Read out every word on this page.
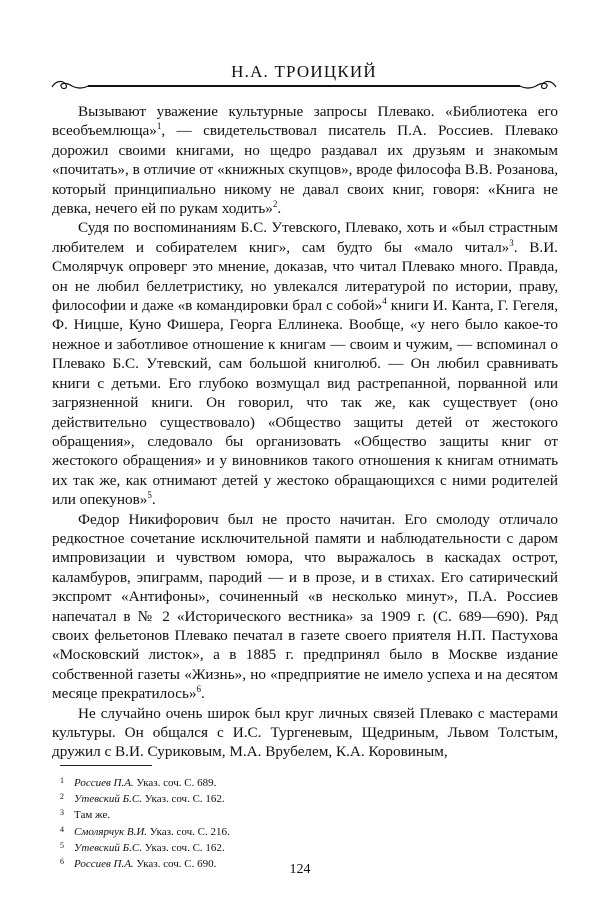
Н.А. ТРОИЦКИЙ

Вызывают уважение культурные запросы Плевако. «Библиотека его всеобъемлюща»$^1$, — свидетельствовал писатель П.А. Россиев. Плевако дорожил своими книгами, но щедро раздавал их друзьям и знакомым «почитать», в отличие от «книжных скупцов», вроде философа В.В. Розанова, который принципиально никому не давал своих книг, говоря: «Книга не девка, нечего ей по рукам ходить»$^2$.

Судя по воспоминаниям Б.С. Утевского, Плевако, хоть и «был страстным любителем и собирателем книг», сам будто бы «мало читал»$^3$. В.И. Смолярчук опроверг это мнение, доказав, что читал Плевако много. Правда, он не любил беллетристику, но увлекался литературой по истории, праву, философии и даже «в командировки брал с собой»$^4$ книги И. Канта, Г. Гегеля, Ф. Ницше, Куно Фишера, Георга Еллинека. Вообще, «у него было какое-то нежное и заботливое отношение к книгам — своим и чужим, — вспоминал о Плевако Б.С. Утевский, сам большой книголюб. — Он любил сравнивать книги с детьми. Его глубоко возмущал вид растрепанной, порванной или загрязненной книги. Он говорил, что так же, как существует (оно действительно существовало) «Общество защиты детей от жестокого обращения», следовало бы организовать «Общество защиты книг от жестокого обращения» и у виновников такого отношения к книгам отнимать их так же, как отнимают детей у жестоко обращающихся с ними родителей или опекунов»$^5$.

Федор Никифорович был не просто начитан. Его смолоду отличало редкостное сочетание исключительной памяти и наблюдательности с даром импровизации и чувством юмора, что выражалось в каскадах острот, каламбуров, эпиграмм, пародий — и в прозе, и в стихах. Его сатирический экспромт «Антифоны», сочиненный «в несколько минут», П.А. Россиев напечатал в № 2 «Исторического вестника» за 1909 г. (С. 689—690). Ряд своих фельетонов Плевако печатал в газете своего приятеля Н.П. Пастухова «Московский листок», а в 1885 г. предпринял было в Москве издание собственной газеты «Жизнь», но «предприятие не имело успеха и на десятом месяце прекратилось»$^6$.

Не случайно очень широк был круг личных связей Плевако с мастерами культуры. Он общался с И.С. Тургеневым, Щедриным, Львом Толстым, дружил с В.И. Суриковым, М.А. Врубелем, К.А. Коровиным,

1 Россиев П.А. Указ. соч. С. 689.
2 Утевский Б.С. Указ. соч. С. 162.
3 Там же.
4 Смолярчук В.И. Указ. соч. С. 216.
5 Утевский Б.С. Указ. соч. С. 162.
6 Россиев П.А. Указ. соч. С. 690.	124
